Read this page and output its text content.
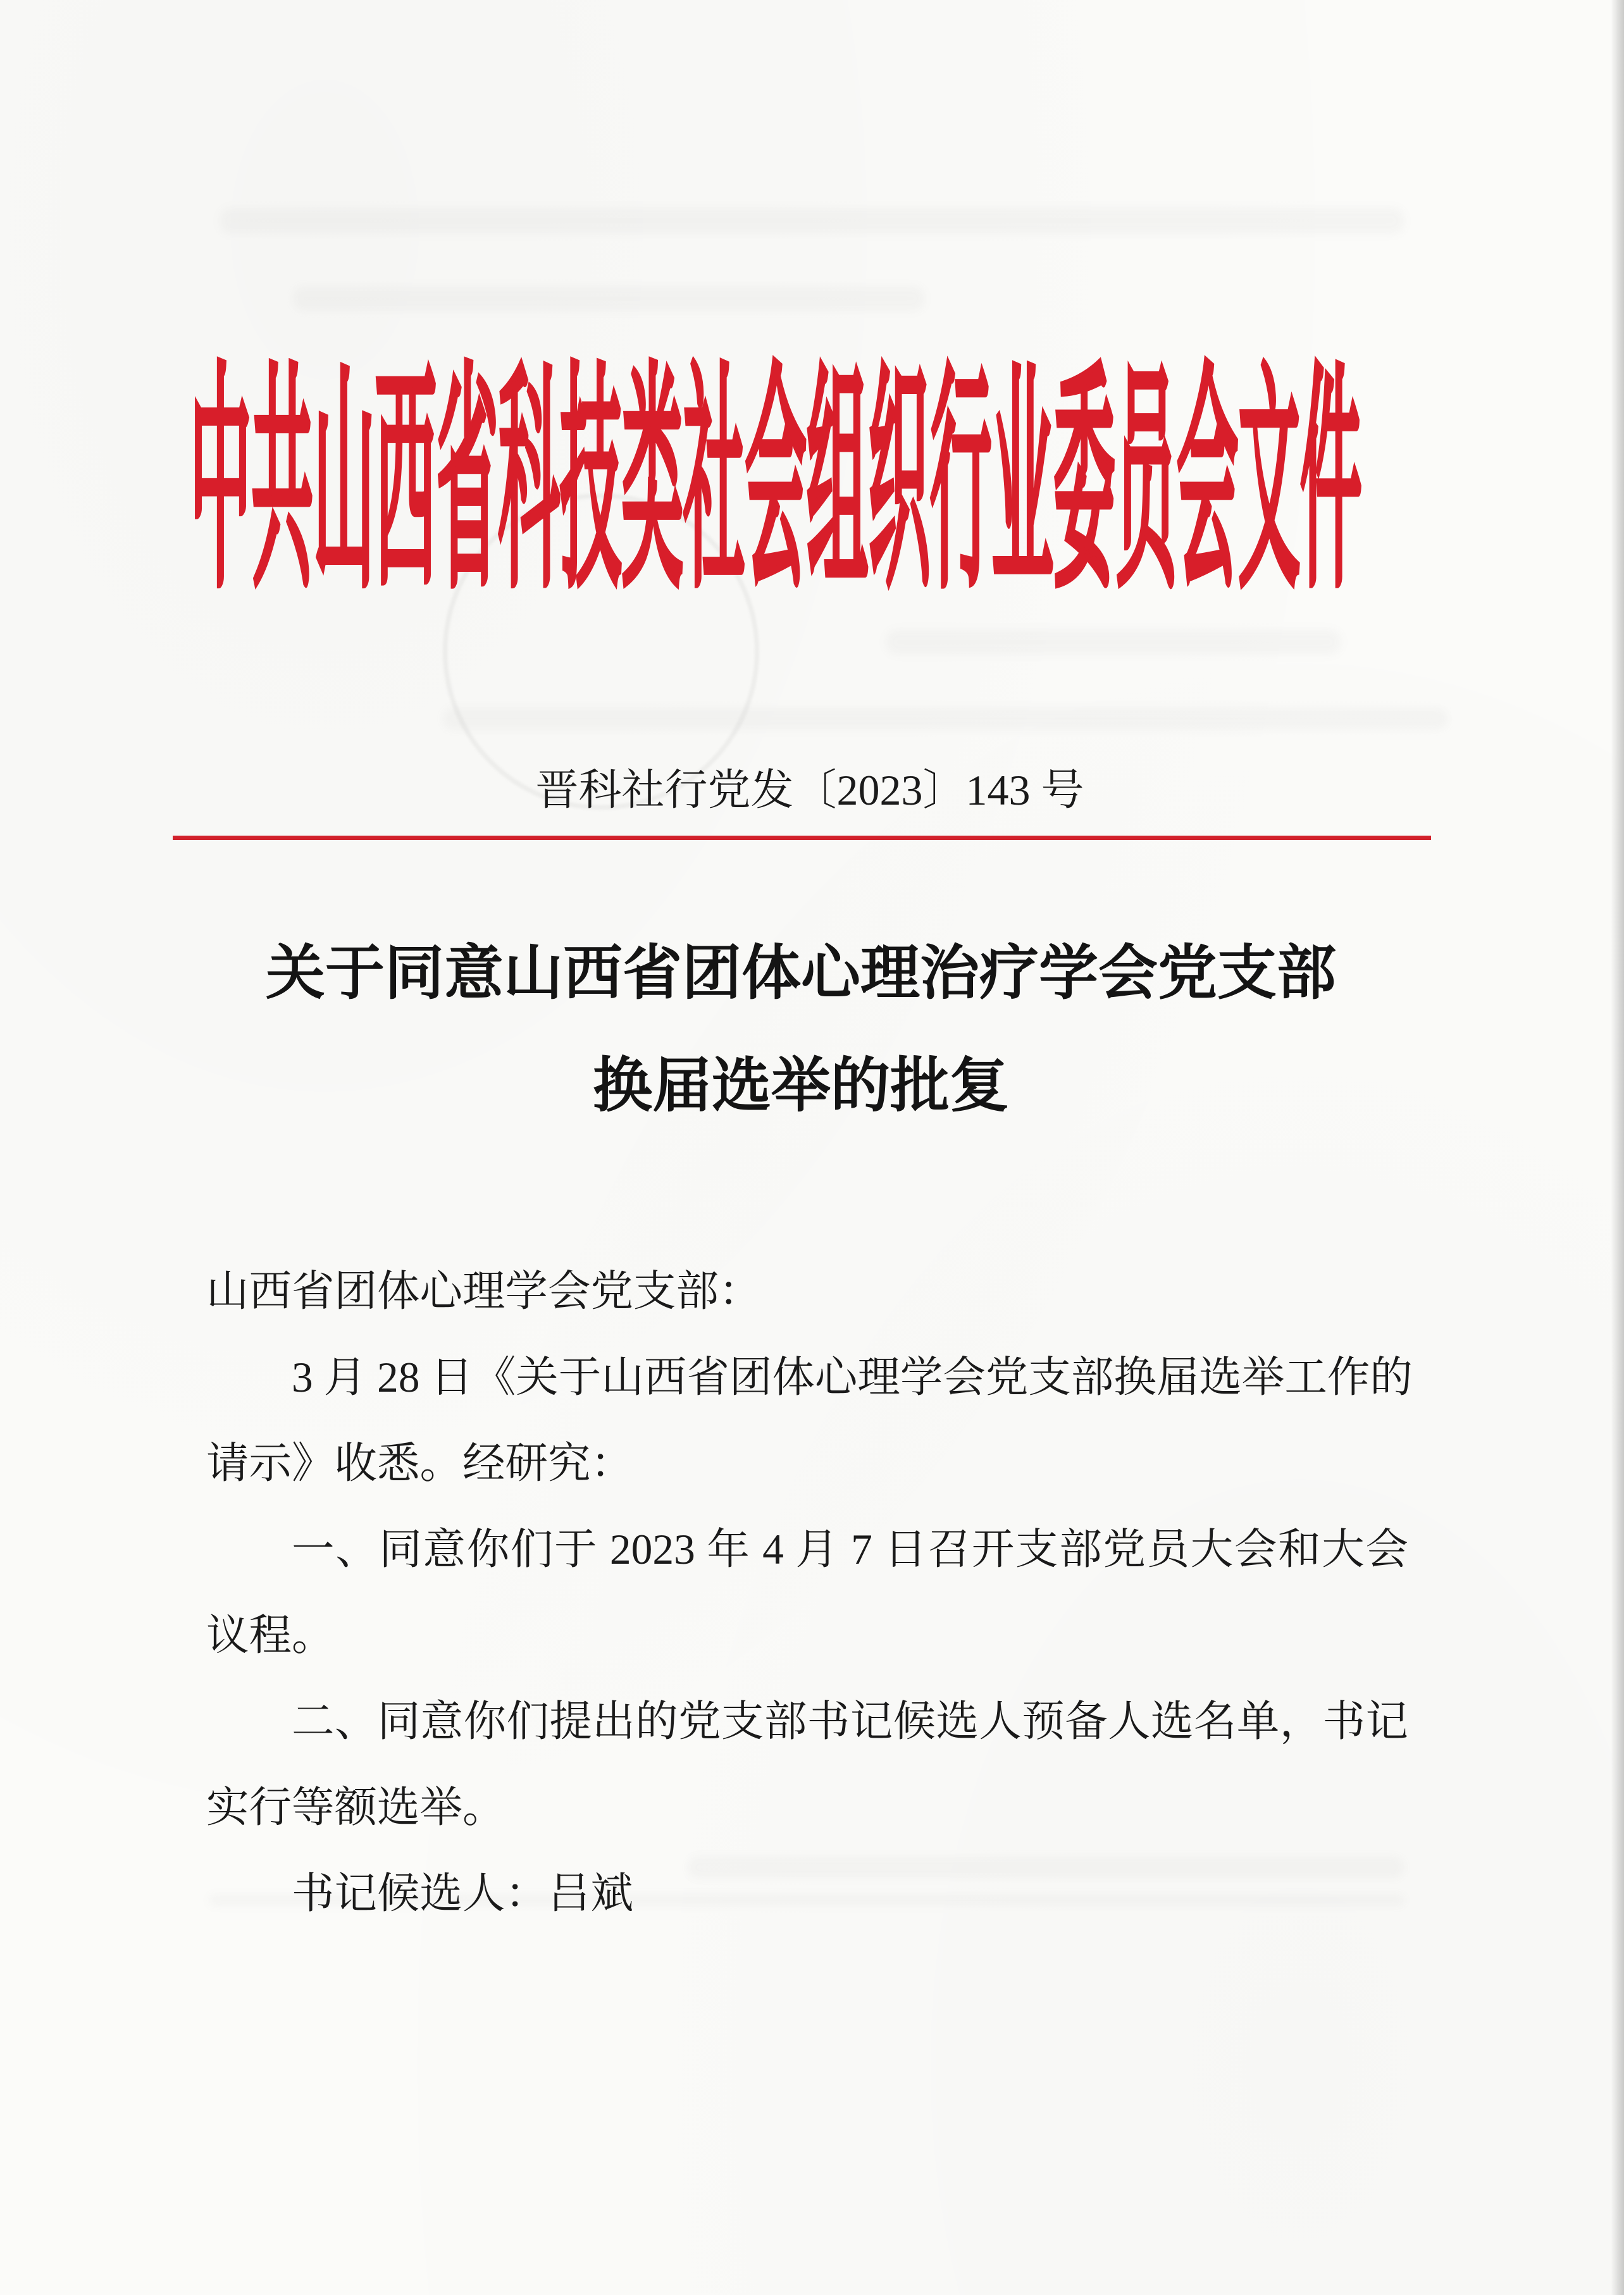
中共山西省科技类社会组织行业委员会文件
晋科社行党发〔2023〕143 号
关于同意山西省团体心理治疗学会党支部
换届选举的批复
山西省团体心理学会党支部：
3 月 28 日《关于山西省团体心理学会党支部换届选举工作的
请示》收悉。经研究：
一、同意你们于 2023 年 4 月 7 日召开支部党员大会和大会
议程。
二、同意你们提出的党支部书记候选人预备人选名单，书记
实行等额选举。
书记候选人：吕斌
